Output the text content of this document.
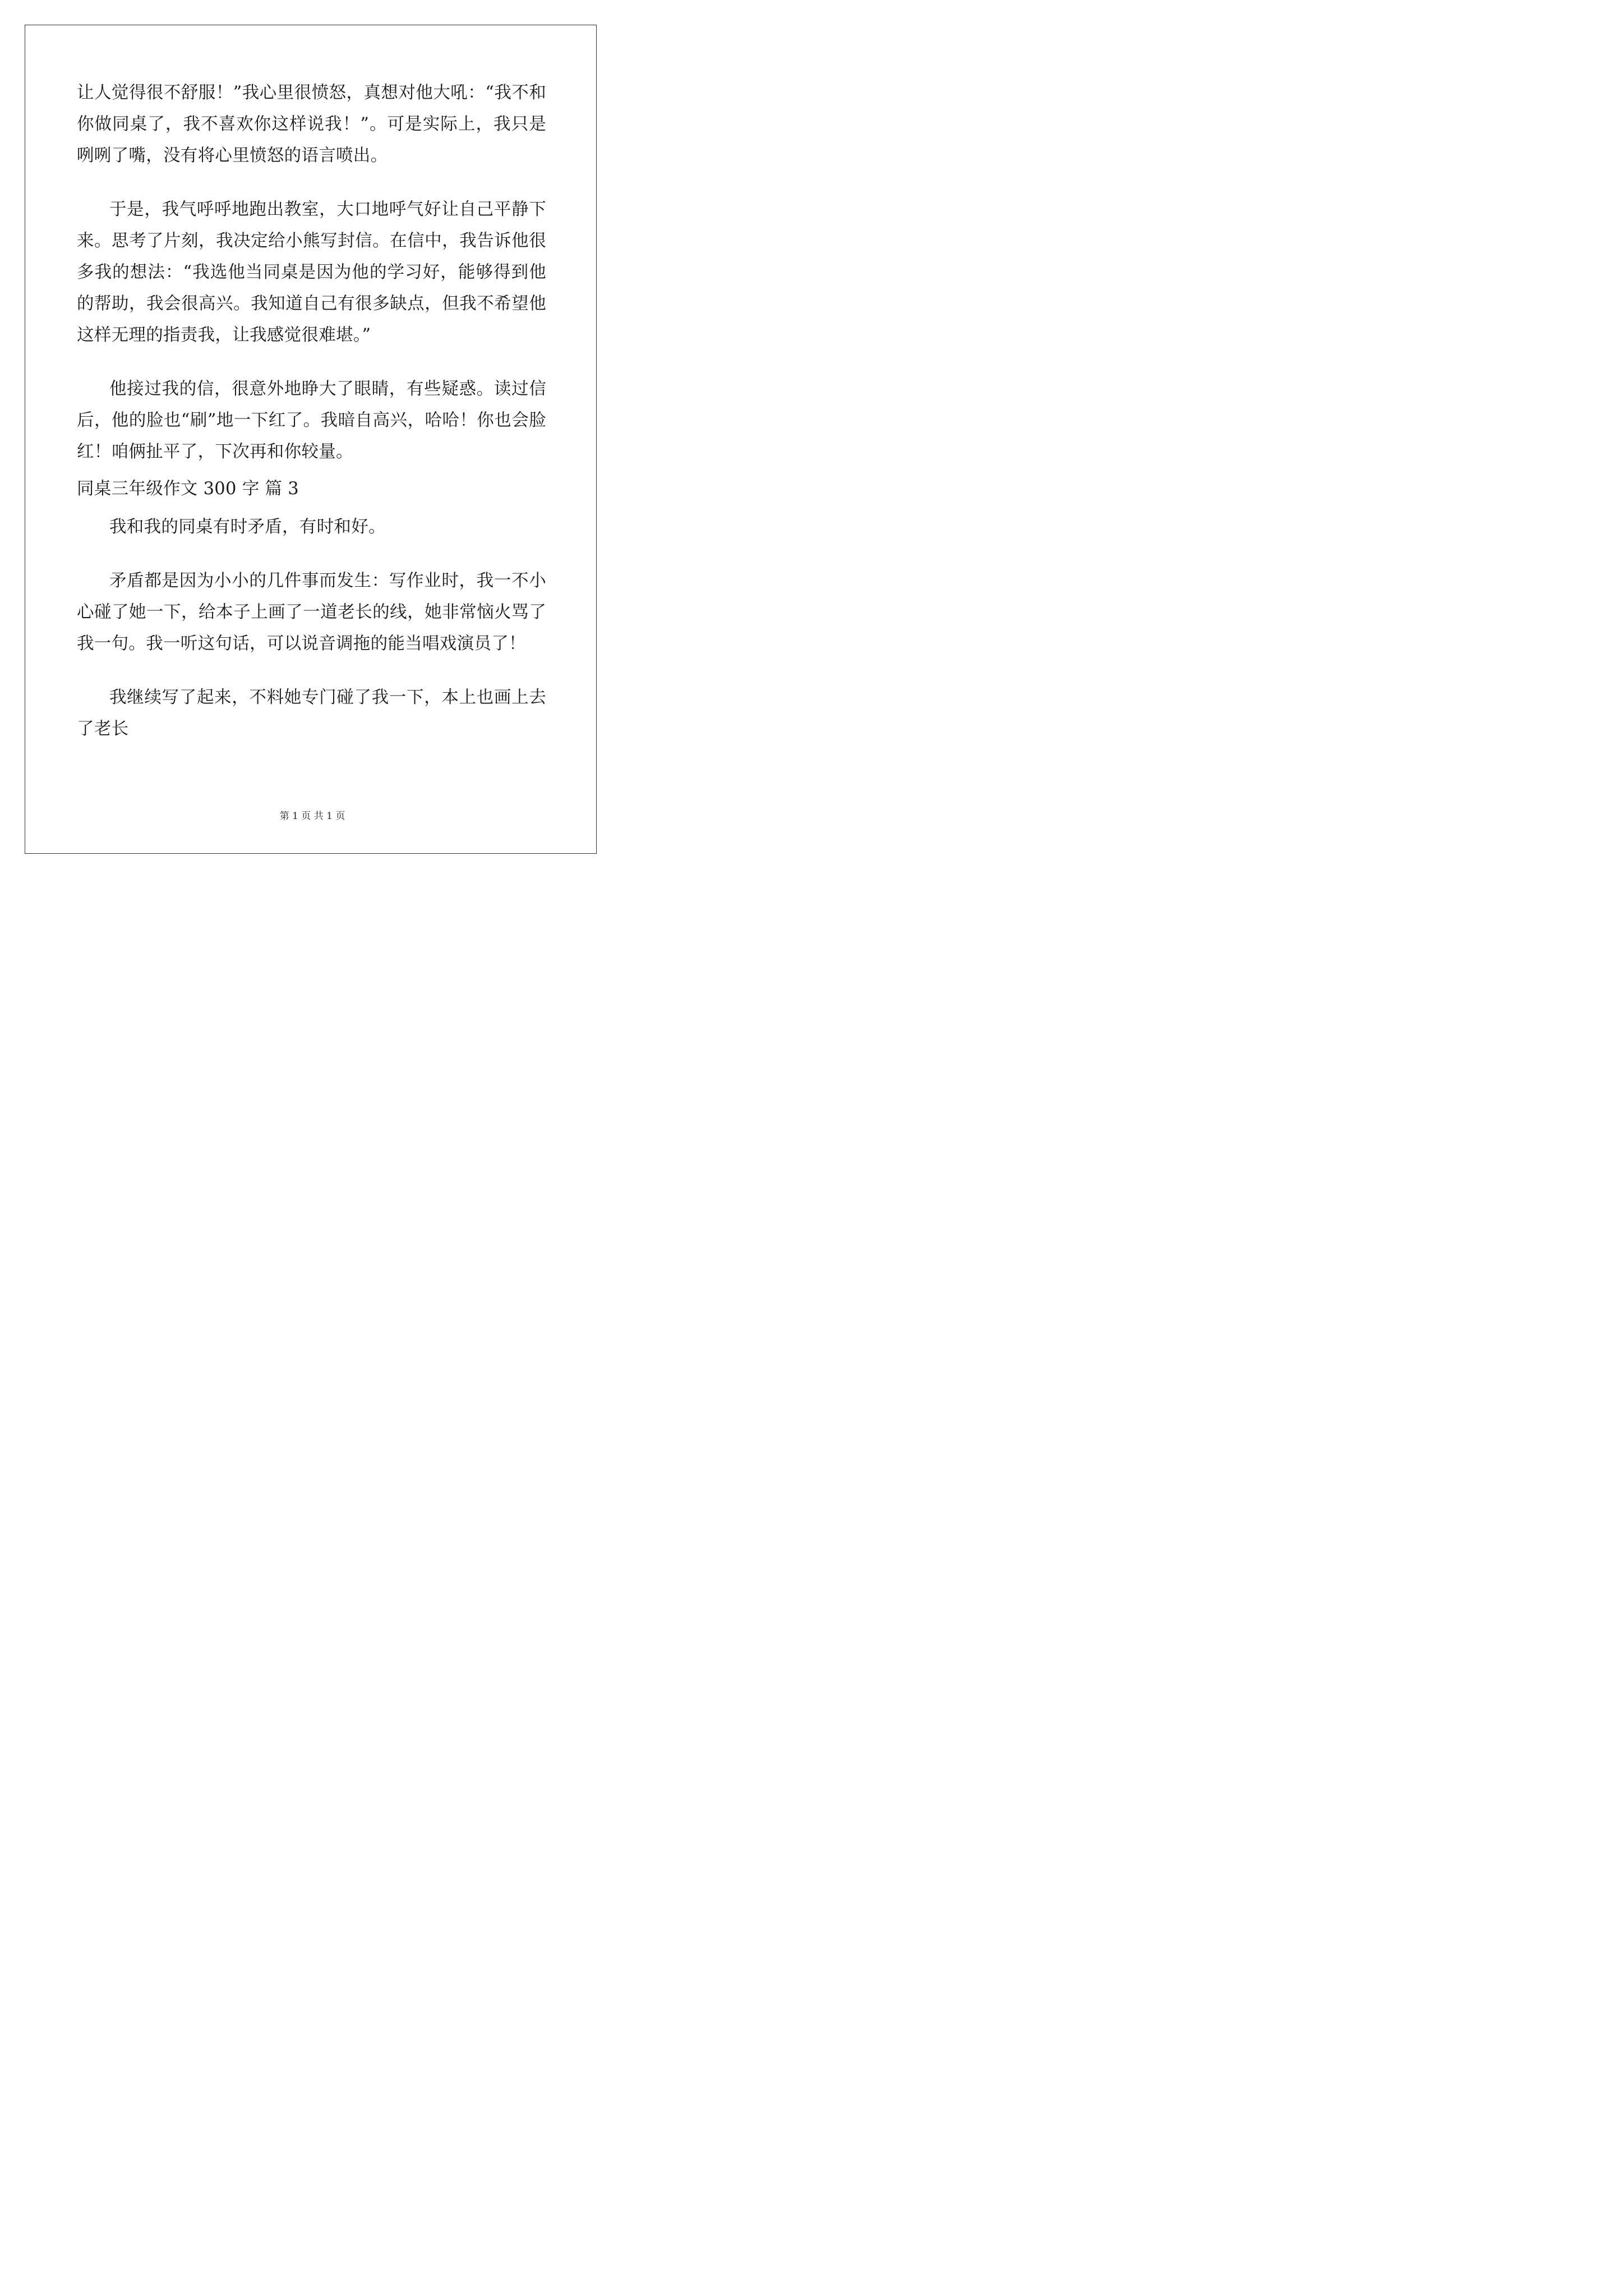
让人觉得很不舒服！”我心里很愤怒，真想对他大吼：“我不和你做同桌了，我不喜欢你这样说我！”。可是实际上，我只是咧咧了嘴，没有将心里愤怒的语言喷出。

于是，我气呼呼地跑出教室，大口地呼气好让自己平静下来。思考了片刻，我决定给小熊写封信。在信中，我告诉他很多我的想法：“我选他当同桌是因为他的学习好，能够得到他的帮助，我会很高兴。我知道自己有很多缺点，但我不希望他这样无理的指责我，让我感觉很难堪。”

他接过我的信，很意外地睁大了眼睛，有些疑惑。读过信后，他的脸也“刷”地一下红了。我暗自高兴，哈哈！你也会脸红！咱俩扯平了，下次再和你较量。

同桌三年级作文 300 字 篇 3

我和我的同桌有时矛盾，有时和好。

矛盾都是因为小小的几件事而发生：写作业时，我一不小心碰了她一下，给本子上画了一道老长的线，她非常恼火骂了我一句。我一听这句话，可以说音调拖的能当唱戏演员了！

我继续写了起来，不料她专门碰了我一下，本上也画上去了老长

第 1 页 共 1 页
